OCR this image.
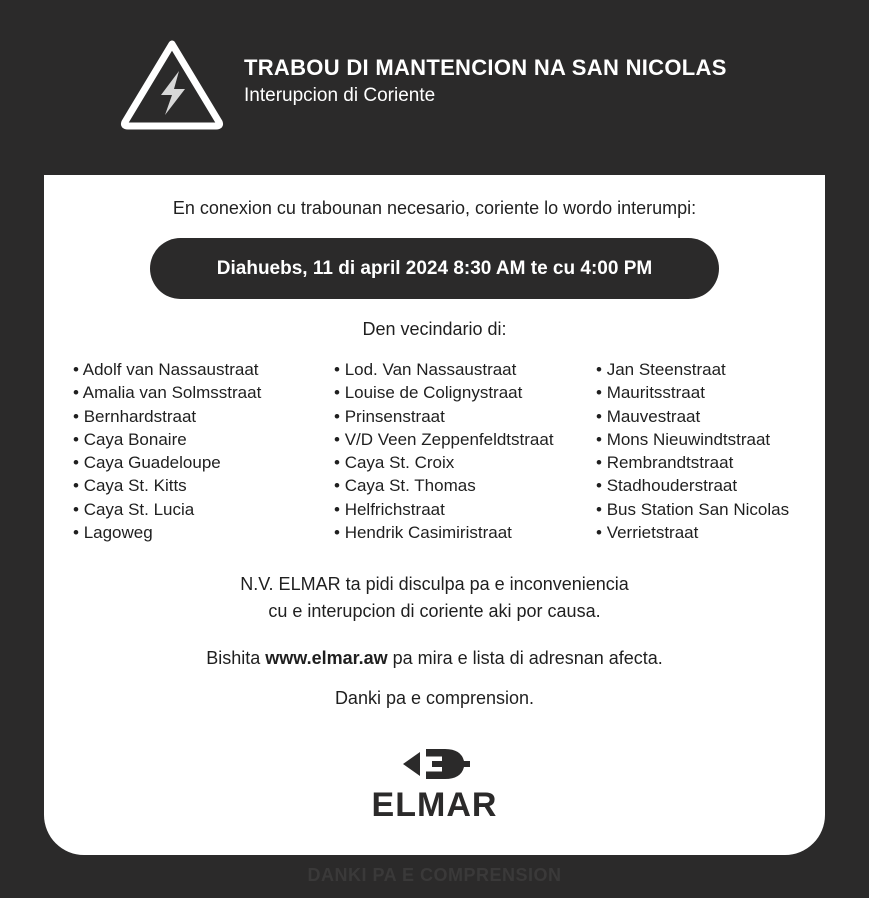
TRABOU DI MANTENCION NA SAN NICOLAS
Interupcion di Coriente
En conexion cu trabounan necesario, coriente lo wordo interumpi:
Diahuebs, 11 di april 2024 8:30 AM te cu 4:00 PM
Den vecindario di:
• Adolf van Nassaustraat
• Amalia van Solmsstraat
• Bernhardstraat
• Caya Bonaire
• Caya Guadeloupe
• Caya St. Kitts
• Caya St. Lucia
• Lagoweg
• Lod. Van Nassaustraat
• Louise de Colignystraat
• Prinsenstraat
• V/D Veen Zeppenfeldtstraat
• Caya St. Croix
• Caya St. Thomas
• Helfrichstraat
• Hendrik Casimiristraat
• Jan Steenstraat
• Mauritsstraat
• Mauvestraat
• Mons Nieuwindtstraat
• Rembrandtstraat
• Stadhouderstraat
• Bus Station San Nicolas
• Verrietstraat
N.V. ELMAR ta pidi disculpa pa e inconveniencia
cu e interupcion di coriente aki por causa.
Bishita www.elmar.aw pa mira e lista di adresnan afecta.
Danki pa e comprension.
ELMAR
DANKI PA E COMPRENSION
